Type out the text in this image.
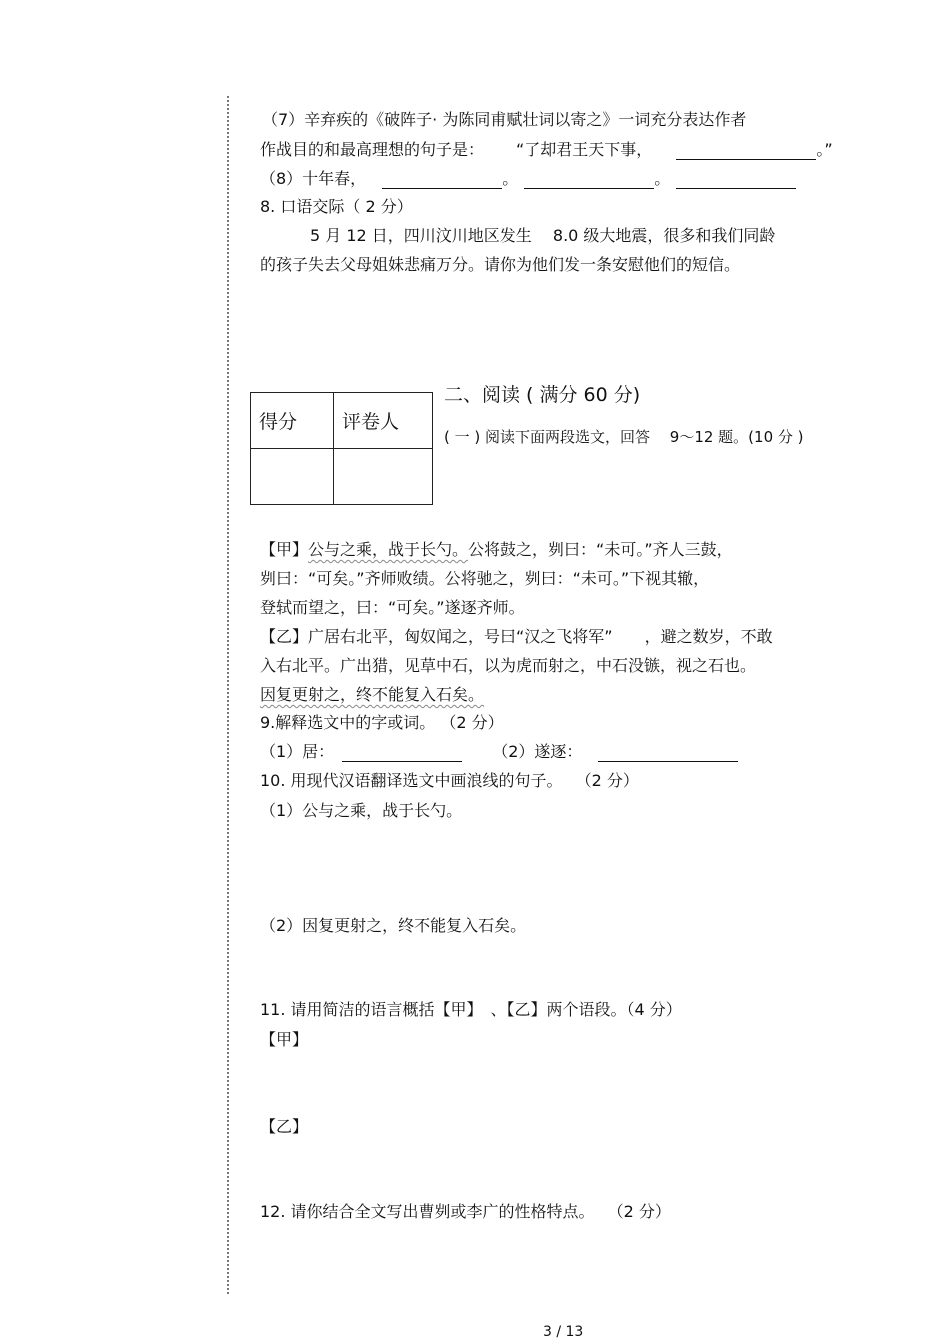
（7）辛弃疾的《破阵子· 为陈同甫赋壮词以寄之》一词充分表达作者
作战目的和最高理想的句子是： “了却君王天下事，	。”
（8）十年春，	。	。
8. 口语交际（ 2 分）
5 月 12 日，四川汶川地区发生　 8.0 级大地震，很多和我们同龄
的孩子失去父母姐妹悲痛万分。请你为他们发一条安慰他们的短信。
得分	评卷人

二、阅读 ( 满分 60 分)
( 一 ) 阅读下面两段选文，回答　 9～12 题。(10 分 )
【甲】公与之乘，战于长勺。公将鼓之，刿曰：“未可。”齐人三鼓，
刿曰：“可矣。”齐师败绩。公将驰之，刿曰：“未可。”下视其辙，
登轼而望之，曰：“可矣。”遂逐齐师。
【乙】广居右北平，匈奴闻之，号曰“汉之飞将军”　　，避之数岁，不敢
入右北平。广出猎，见草中石，以为虎而射之，中石没镞，视之石也。
因复更射之，终不能复入石矣。
9.解释选文中的字或词。 （2 分）
（1）居：	（2）遂逐：
10. 用现代汉语翻译选文中画浪线的句子。　 （2 分）
（1）公与之乘，战于长勺。
（2）因复更射之，终不能复入石矣。
11. 请用简洁的语言概括【甲】　、【乙】两个语段。（4 分）
【甲】
【乙】
12. 请你结合全文写出曹刿或李广的性格特点。　 （2 分）
3 / 13
